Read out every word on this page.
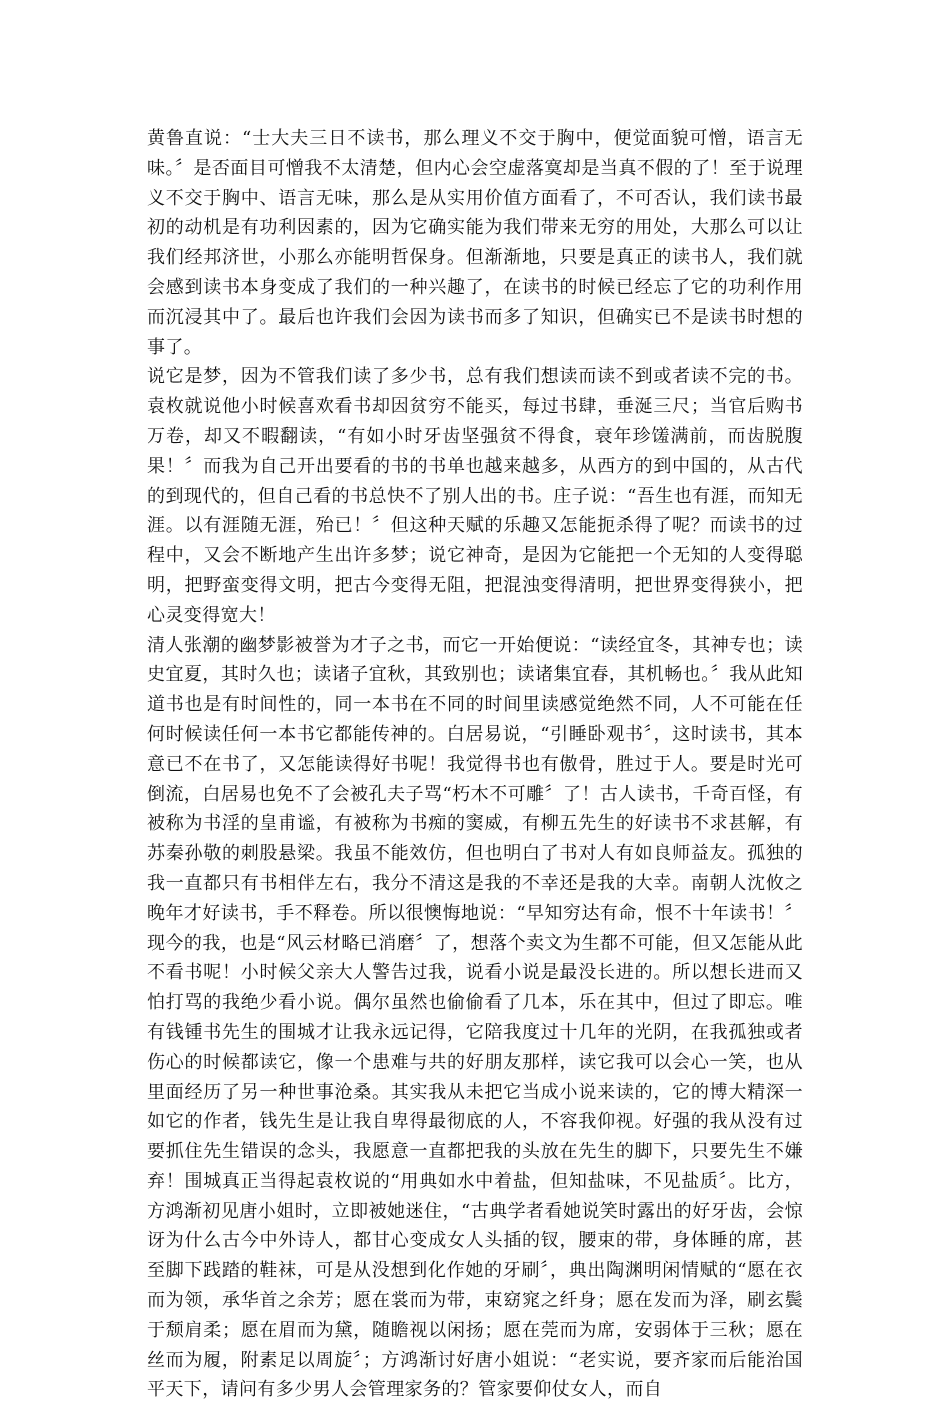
黄鲁直说：“士大夫三日不读书，那么理义不交于胸中，便觉面貌可憎，语言无味。〞是否面目可憎我不太清楚，但内心会空虚落寞却是当真不假的了！至于说理义不交于胸中、语言无味，那么是从实用价值方面看了，不可否认，我们读书最初的动机是有功利因素的，因为它确实能为我们带来无穷的用处，大那么可以让我们经邦济世，小那么亦能明哲保身。但渐渐地，只要是真正的读书人，我们就会感到读书本身变成了我们的一种兴趣了，在读书的时候已经忘了它的功利作用而沉浸其中了。最后也许我们会因为读书而多了知识，但确实已不是读书时想的事了。

说它是梦，因为不管我们读了多少书，总有我们想读而读不到或者读不完的书。袁枚就说他小时候喜欢看书却因贫穷不能买，每过书肆，垂涎三尺；当官后购书万卷，却又不暇翻读，“有如小时牙齿坚强贫不得食，衰年珍馐满前，而齿脱腹果！〞而我为自己开出要看的书的书单也越来越多，从西方的到中国的，从古代的到现代的，但自己看的书总快不了别人出的书。庄子说：“吾生也有涯，而知无涯。以有涯随无涯，殆已！〞但这种天赋的乐趣又怎能扼杀得了呢？而读书的过程中，又会不断地产生出许多梦；说它神奇，是因为它能把一个无知的人变得聪明，把野蛮变得文明，把古今变得无阻，把混浊变得清明，把世界变得狭小，把心灵变得宽大！

清人张潮的幽梦影被誉为才子之书，而它一开始便说：“读经宜冬，其神专也；读史宜夏，其时久也；读诸子宜秋，其致别也；读诸集宜春，其机畅也。〞我从此知道书也是有时间性的，同一本书在不同的时间里读感觉绝然不同，人不可能在任何时候读任何一本书它都能传神的。白居易说，“引睡卧观书〞，这时读书，其本意已不在书了，又怎能读得好书呢！我觉得书也有傲骨，胜过于人。要是时光可倒流，白居易也免不了会被孔夫子骂“朽木不可雕〞了！古人读书，千奇百怪，有被称为书淫的皇甫谧，有被称为书痴的窦威，有柳五先生的好读书不求甚解，有苏秦孙敬的刺股悬梁。我虽不能效仿，但也明白了书对人有如良师益友。孤独的我一直都只有书相伴左右，我分不清这是我的不幸还是我的大幸。南朝人沈攸之晚年才好读书，手不释卷。所以很懊悔地说：“早知穷达有命，恨不十年读书！〞现今的我，也是“风云材略已消磨〞了，想落个卖文为生都不可能，但又怎能从此不看书呢！小时候父亲大人警告过我，说看小说是最没长进的。所以想长进而又怕打骂的我绝少看小说。偶尔虽然也偷偷看了几本，乐在其中，但过了即忘。唯有钱锺书先生的围城才让我永远记得，它陪我度过十几年的光阴，在我孤独或者伤心的时候都读它，像一个患难与共的好朋友那样，读它我可以会心一笑，也从里面经历了另一种世事沧桑。其实我从未把它当成小说来读的，它的博大精深一如它的作者，钱先生是让我自卑得最彻底的人，不容我仰视。好强的我从没有过要抓住先生错误的念头，我愿意一直都把我的头放在先生的脚下，只要先生不嫌弃！围城真正当得起袁枚说的“用典如水中着盐，但知盐味，不见盐质〞。比方，方鸿渐初见唐小姐时，立即被她迷住，“古典学者看她说笑时露出的好牙齿，会惊讶为什么古今中外诗人，都甘心变成女人头插的钗，腰束的带，身体睡的席，甚至脚下践踏的鞋袜，可是从没想到化作她的牙刷〞，典出陶渊明闲情赋的“愿在衣而为领，承华首之余芳；愿在裳而为带，束窈窕之纤身；愿在发而为泽，刷玄鬓于颓肩柔；愿在眉而为黛，随瞻视以闲扬；愿在莞而为席，安弱体于三秋；愿在丝而为履，附素足以周旋〞；方鸿渐讨好唐小姐说：“老实说，要齐家而后能治国平天下，请问有多少男人会管理家务的？管家要仰仗女人，而自
